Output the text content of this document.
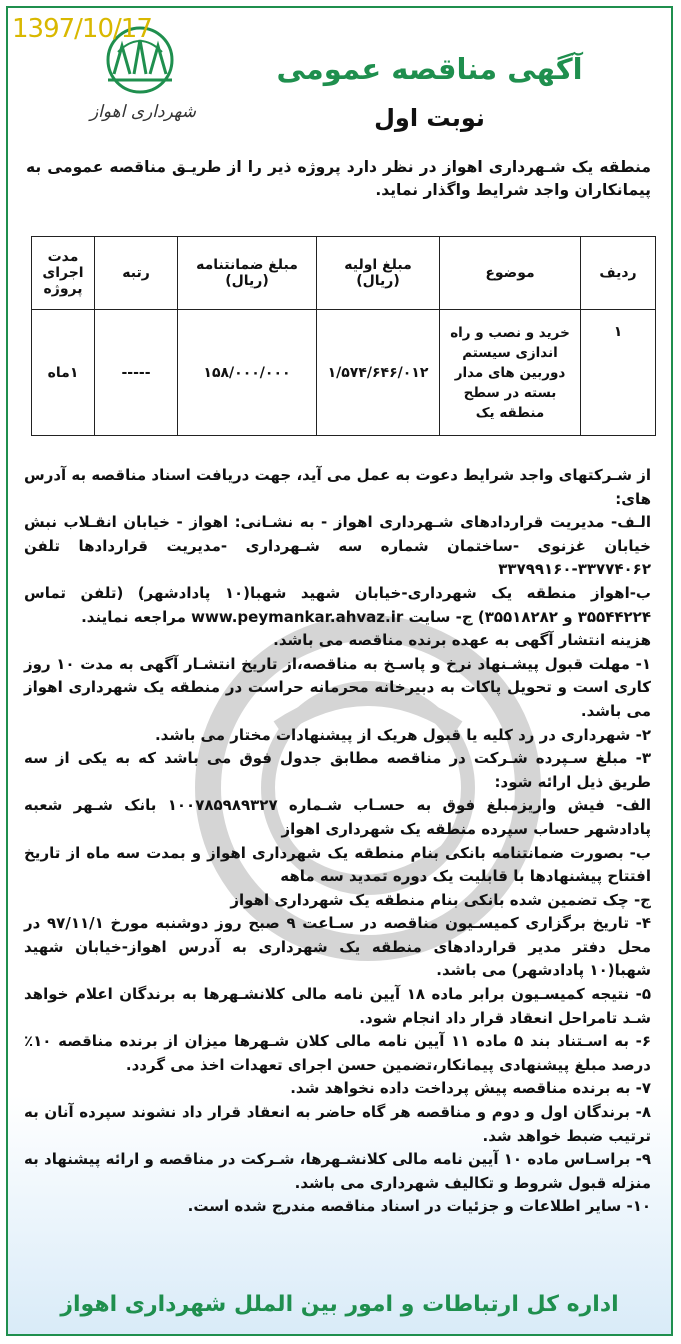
شهرداری اهواز
آگهی مناقصه عمومی
نوبت اول
منطقه یک شـهرداری اهواز در نظر دارد پروژه ذیر را از طریـق مناقصه عمومی به پیمانکاران واجد شرایط واگذار نماید.
ردیف	موضوع	مبلغ اولیه (ریال)	مبلغ ضمانتنامه (ریال)	رتبه	مدت اجرای پروژه
۱	خرید و نصب و راه اندازی سیستم دوربین های مدار بسته در سطح منطقه یک	۱/۵۷۴/۶۴۶/۰۱۲	۱۵۸/۰۰۰/۰۰۰	-----	۱ماه

از شـرکتهای واجد شرایط دعوت به عمل می آید، جهت دریافت اسناد مناقصه به آدرس های:

الـف- مدیریت قراردادهای شـهرداری اهواز - به نشـانی: اهواز - خیابان انقـلاب نبش خیابان غزنوی -ساختمان شماره سه شـهرداری -مدیریت قراردادها تلفن ۳۳۷۷۴۰۶۲-۳۳۷۹۹۱۶۰

ب-اهواز منطقه یک شهرداری-خیابان شهید شهبا(۱۰ پادادشهر) (تلفن تماس ۳۵۵۴۴۲۲۴ و ۳۵۵۱۸۲۸۲) ج- سایت www.peymankar.ahvaz.ir مراجعه نمایند.

هزینه انتشار آگهی به عهده برنده مناقصه می باشد.

۱- مهلت قبول پیشـنهاد نرخ و پاسـخ به مناقصه،از تاریخ انتشـار آگهی به مدت ۱۰ روز کاری است و تحویل پاکات به دبیرخانه محرمانه حراست در منطقه یک شهرداری اهواز می باشد.

۲- شهرداری در رد کلیه یا قبول هریک از پیشنهادات مختار می باشد.

۳- مبلغ سـپرده شـرکت در مناقصه مطابق جدول فوق می باشد که به یکی از سه طریق ذیل ارائه شود:

الف- فیش واریزمبلغ فوق به حسـاب شـماره ۱۰۰۷۸۵۹۸۹۳۲۷ بانک شـهر شعبه پادادشهر حساب سپرده منطقه یک شهرداری اهواز

ب- بصورت ضمانتنامه بانکی بنام منطقه یک شهرداری اهواز و بمدت سه ماه از تاریخ افتتاح پیشنهادها با قابلیت یک دوره تمدید سه ماهه

ج- چک تضمین شده بانکی بنام منطقه یک شهرداری اهواز

۴- تاریخ برگزاری کمیسـیون مناقصه در سـاعت ۹ صبح روز دوشنبه مورخ ۹۷/۱۱/۱ در محل دفتر مدیر قراردادهای منطقه یک شهرداری به آدرس اهواز-خیابان شهید شهبا(۱۰ پادادشهر) می باشد.

۵- نتیجه کمیسـیون برابر ماده ۱۸ آیین نامه مالی کلانشـهرها به برندگان اعلام خواهد شـد تامراحل انعقاد قرار داد انجام شود.

۶- به اسـتناد بند ۵ ماده ۱۱ آیین نامه مالی کلان شـهرها میزان از برنده مناقصه ۱۰٪ درصد مبلغ پیشنهادی پیمانکار،تضمین حسن اجرای تعهدات اخذ می گردد.

۷- به برنده مناقصه پیش پرداخت داده نخواهد شد.

۸- برندگان اول و دوم و مناقصه هر گاه حاضر به انعقاد قرار داد نشوند سپرده آنان به ترتیب ضبط خواهد شد.

۹- براسـاس ماده ۱۰ آیین نامه مالی کلانشـهرها، شـرکت در مناقصه و ارائه پیشنهاد به منزله قبول شروط و تکالیف شهرداری می باشد.

۱۰- سایر اطلاعات و جزئیات در اسناد مناقصه مندرج شده است.

اداره کل ارتباطات و امور بین الملل شهرداری اهواز
1397/10/17
